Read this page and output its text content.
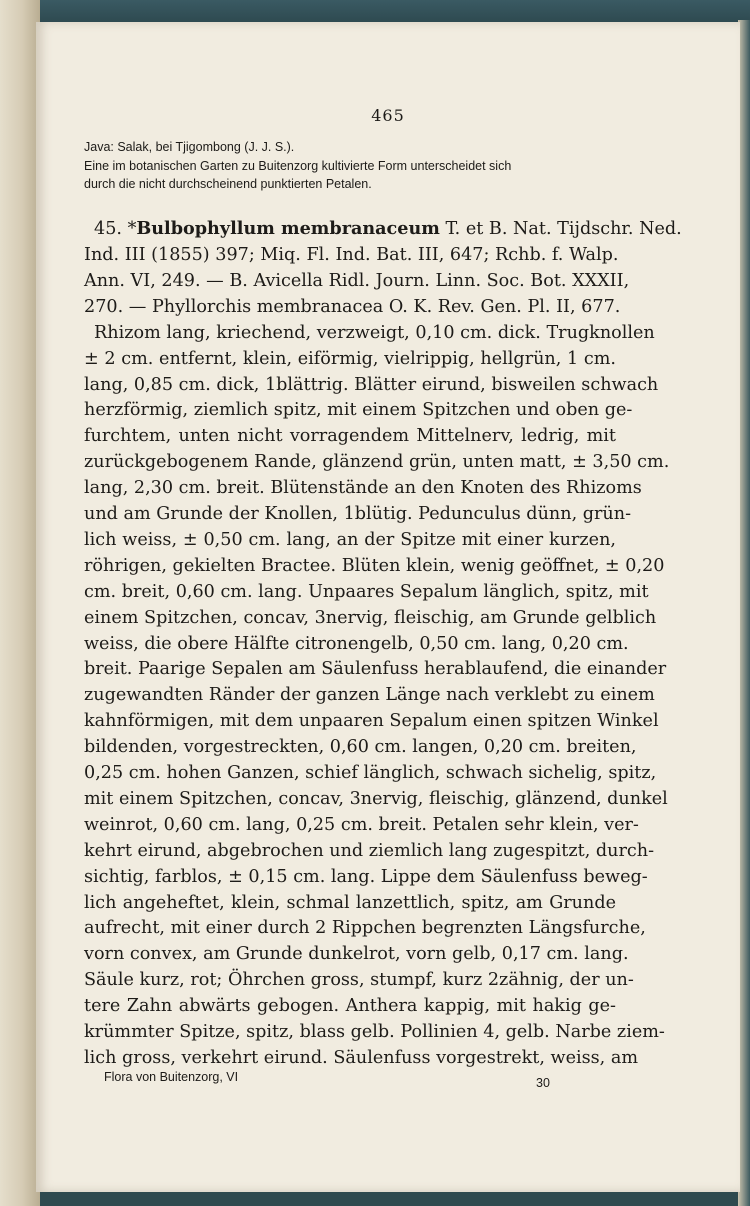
465
Java: Salak, bei Tjigombong (J. J. S.).
Eine im botanischen Garten zu Buitenzorg kultivierte Form unterscheidet sich
durch die nicht durchscheinend punktierten Petalen.
45. *Bulbophyllum membranaceum T. et B. Nat. Tijdschr. Ned.
Ind. III (1855) 397; Miq. Fl. Ind. Bat. III, 647; Rchb. f. Walp.
Ann. VI, 249. — B. Avicella Ridl. Journ. Linn. Soc. Bot. XXXII,
270. — Phyllorchis membranacea O. K. Rev. Gen. Pl. II, 677.
Rhizom lang, kriechend, verzweigt, 0,10 cm. dick. Trugknollen
± 2 cm. entfernt, klein, eiförmig, vielrippig, hellgrün, 1 cm.
lang, 0,85 cm. dick, 1blättrig. Blätter eirund, bisweilen schwach
herzförmig, ziemlich spitz, mit einem Spitzchen und oben ge-
furchtem, unten nicht vorragendem Mittelnerv, ledrig, mit
zurückgebogenem Rande, glänzend grün, unten matt, ± 3,50 cm.
lang, 2,30 cm. breit. Blütenstände an den Knoten des Rhizoms
und am Grunde der Knollen, 1blütig. Pedunculus dünn, grün-
lich weiss, ± 0,50 cm. lang, an der Spitze mit einer kurzen,
röhrigen, gekielten Bractee. Blüten klein, wenig geöffnet, ± 0,20
cm. breit, 0,60 cm. lang. Unpaares Sepalum länglich, spitz, mit
einem Spitzchen, concav, 3nervig, fleischig, am Grunde gelblich
weiss, die obere Hälfte citronengelb, 0,50 cm. lang, 0,20 cm.
breit. Paarige Sepalen am Säulenfuss herablaufend, die einander
zugewandten Ränder der ganzen Länge nach verklebt zu einem
kahnförmigen, mit dem unpaaren Sepalum einen spitzen Winkel
bildenden, vorgestreckten, 0,60 cm. langen, 0,20 cm. breiten,
0,25 cm. hohen Ganzen, schief länglich, schwach sichelig, spitz,
mit einem Spitzchen, concav, 3nervig, fleischig, glänzend, dunkel
weinrot, 0,60 cm. lang, 0,25 cm. breit. Petalen sehr klein, ver-
kehrt eirund, abgebrochen und ziemlich lang zugespitzt, durch-
sichtig, farblos, ± 0,15 cm. lang. Lippe dem Säulenfuss beweg-
lich angeheftet, klein, schmal lanzettlich, spitz, am Grunde
aufrecht, mit einer durch 2 Rippchen begrenzten Längsfurche,
vorn convex, am Grunde dunkelrot, vorn gelb, 0,17 cm. lang.
Säule kurz, rot; Öhrchen gross, stumpf, kurz 2zähnig, der un-
tere Zahn abwärts gebogen. Anthera kappig, mit hakig ge-
krümmter Spitze, spitz, blass gelb. Pollinien 4, gelb. Narbe ziem-
lich gross, verkehrt eirund. Säulenfuss vorgestrekt, weiss, am
Flora von Buitenzorg, VI	30
